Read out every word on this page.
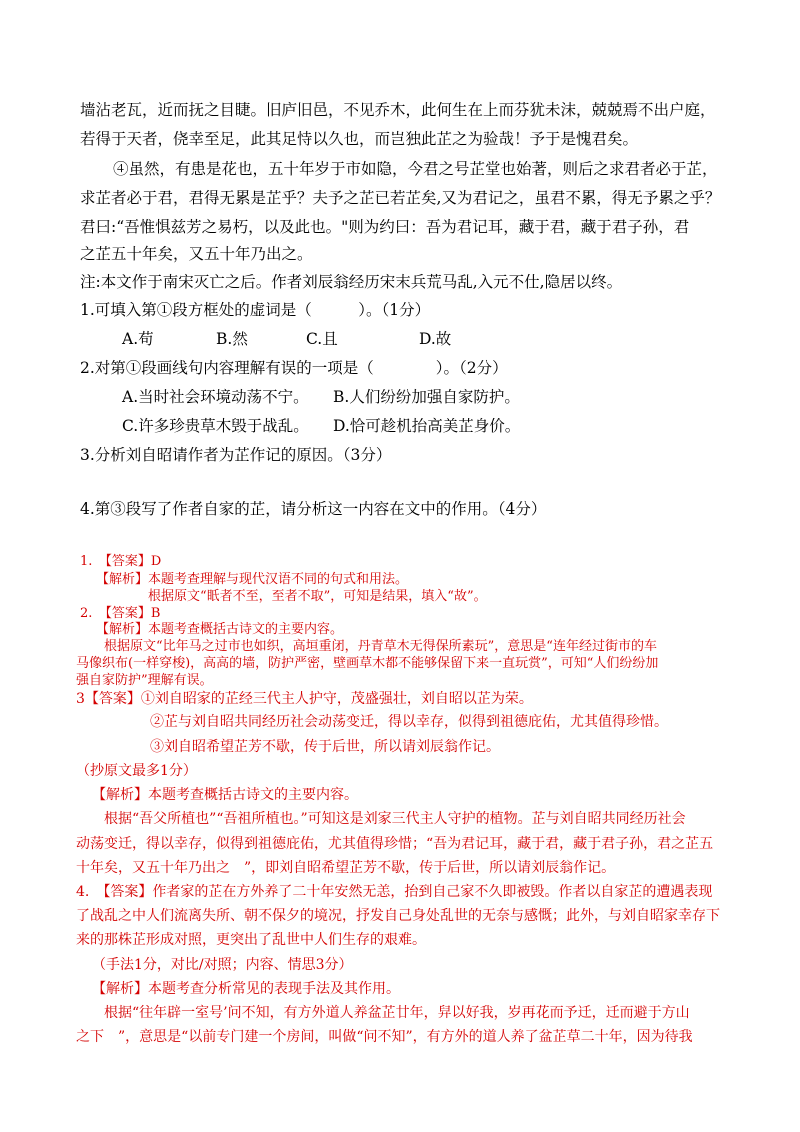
墙沾老瓦，近而抚之目睫。旧庐旧邑，不见乔木，此何生在上而芬犹未沫，兢兢焉不出户庭，
若得于天者，侥幸至足，此其足恃以久也，而岂独此芷之为验哉！予于是愧君矣。
④虽然，有患是花也，五十年岁于市如隐，今君之号芷堂也始著，则后之求君者必于芷，
求芷者必于君，君得无累是芷乎？夫予之芷已若芷矣,又为君记之，虽君不累，得无予累之乎？
君曰:“吾惟惧兹芳之易朽，以及此也。"则为约曰：吾为君记耳，藏于君，藏于君子孙，君
之芷五十年矣，又五十年乃出之。
注:本文作于南宋灭亡之后。作者刘辰翁经历宋末兵荒马乱,入元不仕,隐居以终。
1.可填入第①段方框处的虚词是（　　　）。（1分）
A.苟	B.然	C.且	D.故
2.对第①段画线句内容理解有误的一项是（　　　　）。（2分）
A.当时社会环境动荡不宁。 B.人们纷纷加强自家防护。
C.许多珍贵草木毁于战乱。 D.恰可趁机抬高美芷身价。
3.分析刘自昭请作者为芷作记的原因。（3分）
4.第③段写了作者自家的芷，请分析这一内容在文中的作用。（4分）
1.　【答案】D
【解析】本题考查理解与现代汉语不同的句式和用法。
根据原文“眂者不至，至者不取”，可知是结果，填入“故”。
2.　【答案】B
【解析】本题考查概括古诗文的主要内容。
根据原文“比年马之过市也如织，高垣重闭，丹青草木无得保所素玩”，意思是“连年经过街市的车
马像织布(一样穿梭)，高高的墙，防护严密，壁画草木都不能够保留下来一直玩赏”，可知“人们纷纷加
强自家防护”理解有误。
3【答案】①刘自昭家的芷经三代主人护守，茂盛强壮，刘自昭以芷为荣。
②芷与刘自昭共同经历社会动荡变迁，得以幸存，似得到祖德庇佑，尤其值得珍惜。
③刘自昭希望芷芳不歇，传于后世，所以请刘辰翁作记。
（抄原文最多1分）
【解析】本题考查概括古诗文的主要内容。
根据“吾父所植也”“吾祖所植也。”可知这是刘家三代主人守护的植物。芷与刘自昭共同经历社会
动荡变迁，得以幸存，似得到祖德庇佑，尤其值得珍惜；“吾为君记耳，藏于君，藏于君子孙，君之芷五
十年矣，又五十年乃出之　”，即刘自昭希望芷芳不歇，传于后世，所以请刘辰翁作记。
4.　【答案】作者家的芷在方外养了二十年安然无恙，抬到自己家不久即被毁。作者以自家芷的遭遇表现
了战乱之中人们流离失所、朝不保夕的境况，抒发自己身处乱世的无奈与感慨；此外，与刘自昭家幸存下
来的那株芷形成对照，更突出了乱世中人们生存的艰难。
（手法1分，对比/对照；内容、情思3分）
【解析】本题考查分析常见的表现手法及其作用。
根据“往年辟一室号’问不知，有方外道人养盆芷廿年，舁以好我，岁再花而予迁，迁而避于方山
之下　”，意思是“以前专门建一个房间，叫做“问不知”，有方外的道人养了盆芷草二十年，因为待我
